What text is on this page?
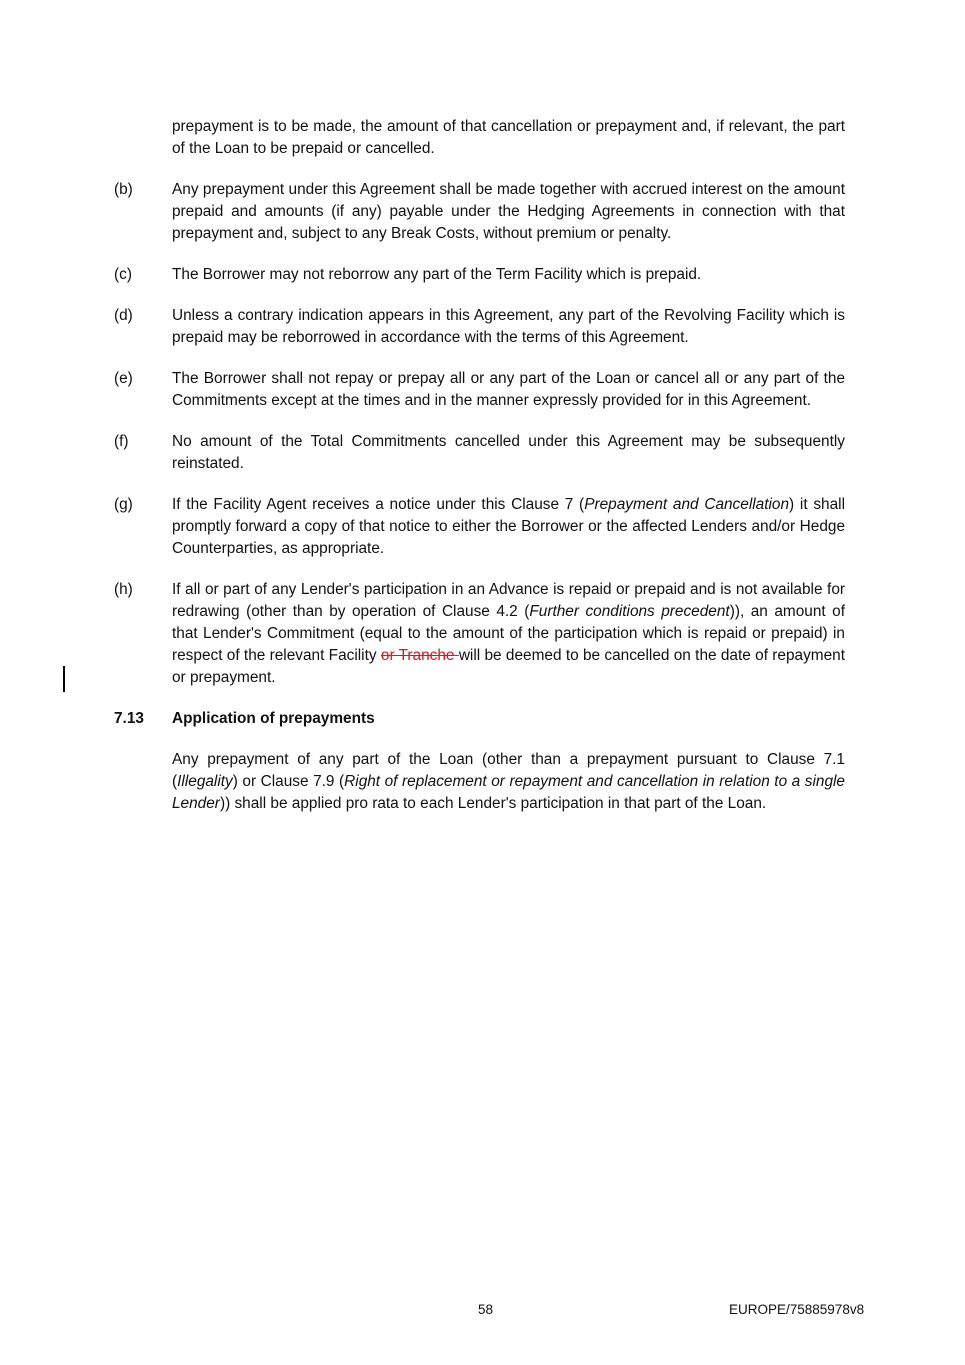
prepayment is to be made, the amount of that cancellation or prepayment and, if relevant, the part of the Loan to be prepaid or cancelled.

(b)	Any prepayment under this Agreement shall be made together with accrued interest on the amount prepaid and amounts (if any) payable under the Hedging Agreements in connection with that prepayment and, subject to any Break Costs, without premium or penalty.
(c)	The Borrower may not reborrow any part of the Term Facility which is prepaid.
(d)	Unless a contrary indication appears in this Agreement, any part of the Revolving Facility which is prepaid may be reborrowed in accordance with the terms of this Agreement.
(e)	The Borrower shall not repay or prepay all or any part of the Loan or cancel all or any part of the Commitments except at the times and in the manner expressly provided for in this Agreement.
(f)	No amount of the Total Commitments cancelled under this Agreement may be subsequently reinstated.
(g)	If the Facility Agent receives a notice under this Clause 7 (Prepayment and Cancellation) it shall promptly forward a copy of that notice to either the Borrower or the affected Lenders and/or Hedge Counterparties, as appropriate.
(h)	If all or part of any Lender's participation in an Advance is repaid or prepaid and is not available for redrawing (other than by operation of Clause 4.2 (Further conditions precedent)), an amount of that Lender's Commitment (equal to the amount of the participation which is repaid or prepaid) in respect of the relevant Facility or Tranche will be deemed to be cancelled on the date of repayment or prepayment.
7.13	Application of prepayments

Any prepayment of any part of the Loan (other than a prepayment pursuant to Clause 7.1 (Illegality) or Clause 7.9 (Right of replacement or repayment and cancellation in relation to a single Lender)) shall be applied pro rata to each Lender's participation in that part of the Loan.

58	EUROPE/75885978v8
